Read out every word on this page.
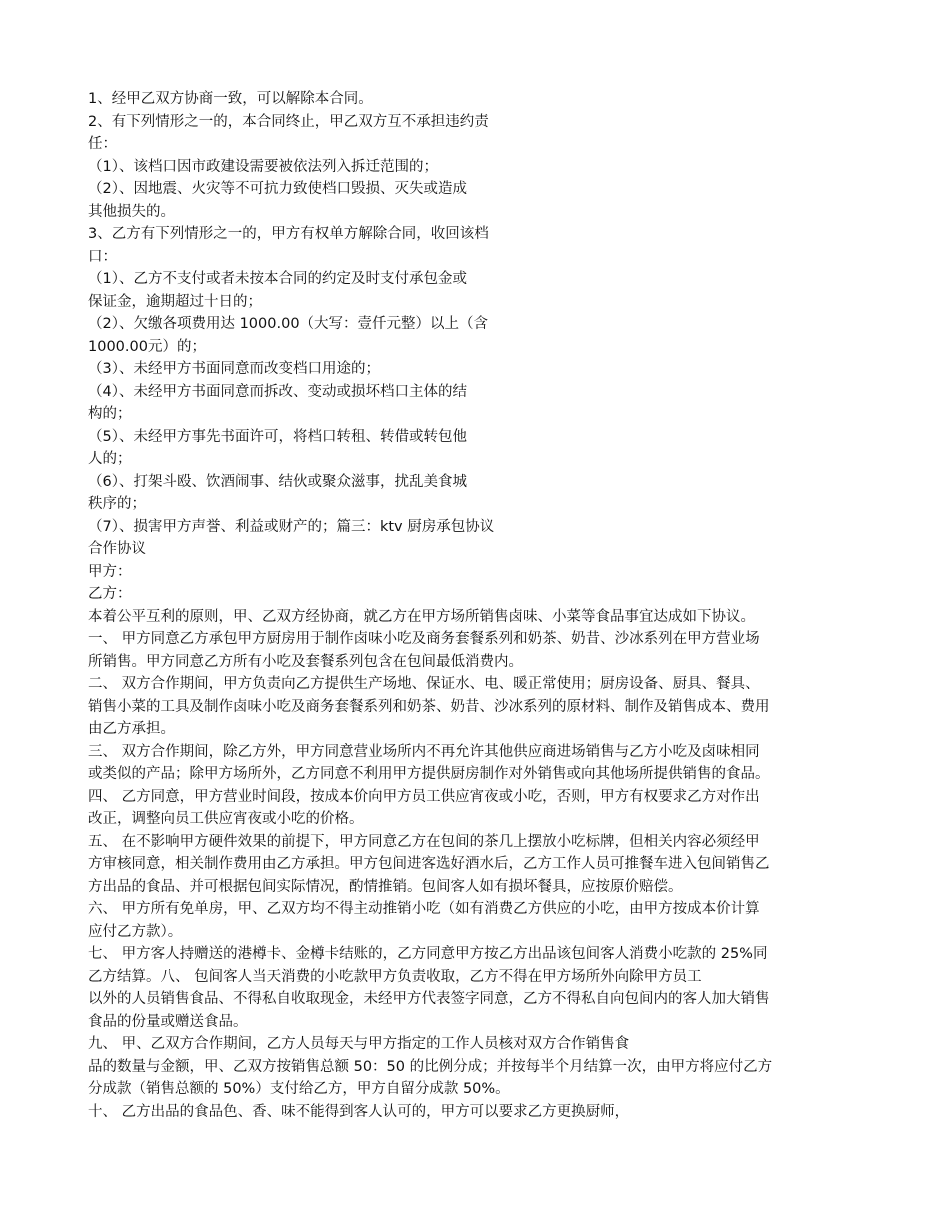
1、经甲乙双方协商一致，可以解除本合同。
2、有下列情形之一的，本合同终止，甲乙双方互不承担违约责
任：
（1）、该档口因市政建设需要被依法列入拆迁范围的；
（2）、因地震、火灾等不可抗力致使档口毁损、灭失或造成
其他损失的。
3、乙方有下列情形之一的，甲方有权单方解除合同，收回该档
口：
（1）、乙方不支付或者未按本合同的约定及时支付承包金或
保证金，逾期超过十日的；
（2）、欠缴各项费用达 1000.00（大写：壹仟元整）以上（含
1000.00元）的；
（3）、未经甲方书面同意而改变档口用途的；
（4）、未经甲方书面同意而拆改、变动或损坏档口主体的结
构的；
（5）、未经甲方事先书面许可，将档口转租、转借或转包他
人的；
（6）、打架斗殴、饮酒闹事、结伙或聚众滋事，扰乱美食城
秩序的；
（7）、损害甲方声誉、利益或财产的；篇三：ktv 厨房承包协议
合作协议
甲方：
乙方：
本着公平互利的原则，甲、乙双方经协商，就乙方在甲方场所销售卤味、小菜等食品事宜达成如下协议。
一、 甲方同意乙方承包甲方厨房用于制作卤味小吃及商务套餐系列和奶茶、奶昔、沙冰系列在甲方营业场
所销售。甲方同意乙方所有小吃及套餐系列包含在包间最低消费内。
二、 双方合作期间，甲方负责向乙方提供生产场地、保证水、电、暖正常使用；厨房设备、厨具、餐具、
销售小菜的工具及制作卤味小吃及商务套餐系列和奶茶、奶昔、沙冰系列的原材料、制作及销售成本、费用
由乙方承担。
三、 双方合作期间，除乙方外，甲方同意营业场所内不再允许其他供应商进场销售与乙方小吃及卤味相同
或类似的产品；除甲方场所外，乙方同意不利用甲方提供厨房制作对外销售或向其他场所提供销售的食品。
四、 乙方同意，甲方营业时间段，按成本价向甲方员工供应宵夜或小吃，否则，甲方有权要求乙方对作出
改正，调整向员工供应宵夜或小吃的价格。
五、 在不影响甲方硬件效果的前提下，甲方同意乙方在包间的茶几上摆放小吃标牌，但相关内容必须经甲
方审核同意，相关制作费用由乙方承担。甲方包间进客选好酒水后，乙方工作人员可推餐车进入包间销售乙
方出品的食品、并可根据包间实际情况，酌情推销。包间客人如有损坏餐具，应按原价赔偿。
六、 甲方所有免单房，甲、乙双方均不得主动推销小吃（如有消费乙方供应的小吃，由甲方按成本价计算
应付乙方款）。
七、 甲方客人持赠送的港樽卡、金樽卡结账的，乙方同意甲方按乙方出品该包间客人消费小吃款的 25%同
乙方结算。八、 包间客人当天消费的小吃款甲方负责收取，乙方不得在甲方场所外向除甲方员工
以外的人员销售食品、不得私自收取现金，未经甲方代表签字同意，乙方不得私自向包间内的客人加大销售
食品的份量或赠送食品。
九、 甲、乙双方合作期间，乙方人员每天与甲方指定的工作人员核对双方合作销售食
品的数量与金额，甲、乙双方按销售总额 50：50 的比例分成；并按每半个月结算一次，由甲方将应付乙方
分成款（销售总额的 50%）支付给乙方，甲方自留分成款 50%。
十、 乙方出品的食品色、香、味不能得到客人认可的，甲方可以要求乙方更换厨师，
